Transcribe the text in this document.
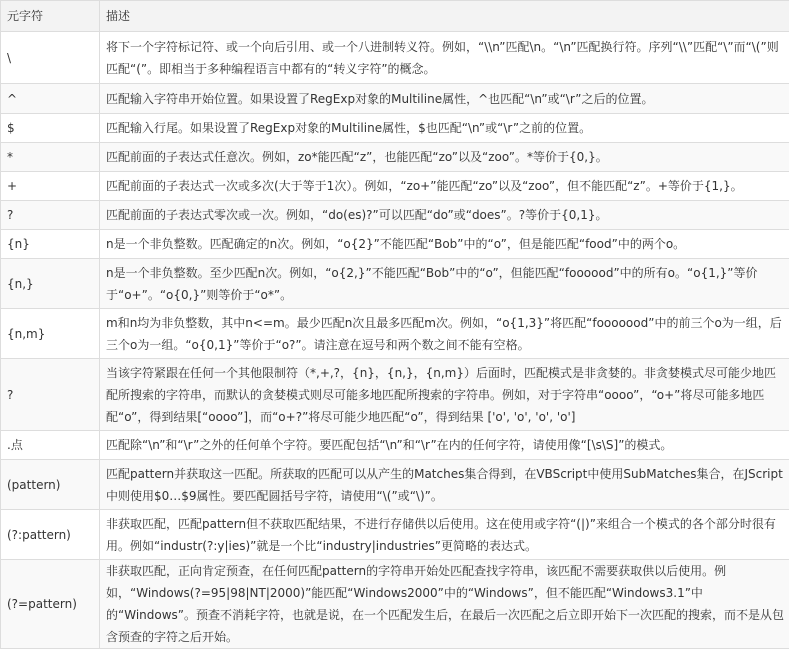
元字符	描述
\	将下一个字符标记符、或一个向后引用、或一个八进制转义符。例如，“\\n”匹配\n。“\n”匹配换行符。序列“\\”匹配“\”而“\(”则匹配“(”。即相当于多种编程语言中都有的“转义字符”的概念。
^	匹配输入字符串开始位置。如果设置了RegExp对象的Multiline属性，^也匹配“\n”或“\r”之后的位置。
$	匹配输入行尾。如果设置了RegExp对象的Multiline属性，$也匹配“\n”或“\r”之前的位置。
*	匹配前面的子表达式任意次。例如，zo*能匹配“z”，也能匹配“zo”以及“zoo”。*等价于{0,}。
+	匹配前面的子表达式一次或多次(大于等于1次）。例如，“zo+”能匹配“zo”以及“zoo”，但不能匹配“z”。+等价于{1,}。
?	匹配前面的子表达式零次或一次。例如，“do(es)?”可以匹配“do”或“does”。?等价于{0,1}。
{n}	n是一个非负整数。匹配确定的n次。例如，“o{2}”不能匹配“Bob”中的“o”，但是能匹配“food”中的两个o。
{n,}	n是一个非负整数。至少匹配n次。例如，“o{2,}”不能匹配“Bob”中的“o”，但能匹配“foooood”中的所有o。“o{1,}”等价于“o+”。“o{0,}”则等价于“o*”。
{n,m}	m和n均为非负整数，其中n<=m。最少匹配n次且最多匹配m次。例如，“o{1,3}”将匹配“fooooood”中的前三个o为一组，后三个o为一组。“o{0,1}”等价于“o?”。请注意在逗号和两个数之间不能有空格。
?	当该字符紧跟在任何一个其他限制符（*,+,?，{n}，{n,}，{n,m}）后面时，匹配模式是非贪婪的。非贪婪模式尽可能少地匹配所搜索的字符串，而默认的贪婪模式则尽可能多地匹配所搜索的字符串。例如，对于字符串“oooo”，“o+”将尽可能多地匹配“o”，得到结果[“oooo”]，而“o+?”将尽可能少地匹配“o”，得到结果 ['o', 'o', 'o', 'o']
.点	匹配除“\n”和“\r”之外的任何单个字符。要匹配包括“\n”和“\r”在内的任何字符，请使用像“[\s\S]”的模式。
(pattern)	匹配pattern并获取这一匹配。所获取的匹配可以从产生的Matches集合得到，在VBScript中使用SubMatches集合，在JScript中则使用$0…$9属性。要匹配圆括号字符，请使用“\(”或“\)”。
(?:pattern)	非获取匹配，匹配pattern但不获取匹配结果，不进行存储供以后使用。这在使用或字符“(|)”来组合一个模式的各个部分时很有用。例如“industr(?:y|ies)”就是一个比“industry|industries”更简略的表达式。
(?=pattern)	非获取匹配，正向肯定预查，在任何匹配pattern的字符串开始处匹配查找字符串，该匹配不需要获取供以后使用。例如，“Windows(?=95|98|NT|2000)”能匹配“Windows2000”中的“Windows”，但不能匹配“Windows3.1”中的“Windows”。预查不消耗字符，也就是说，在一个匹配发生后，在最后一次匹配之后立即开始下一次匹配的搜索，而不是从包含预查的字符之后开始。
